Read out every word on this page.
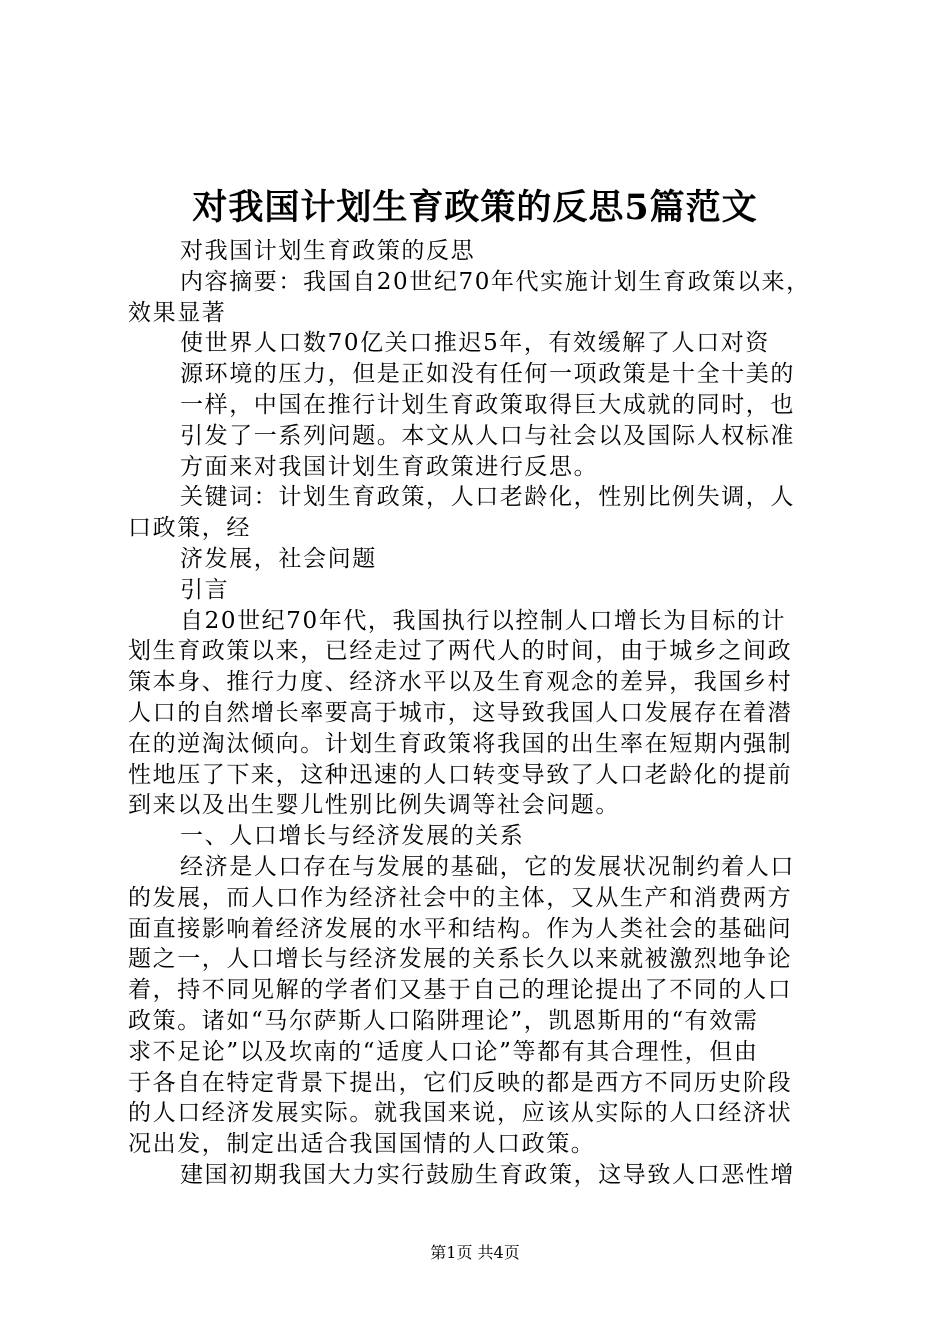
对我国计划生育政策的反思5篇范文
对我国计划生育政策的反思
内容摘要：我国自20世纪70年代实施计划生育政策以来，
效果显著
使世界人口数70亿关口推迟5年，有效缓解了人口对资
源环境的压力，但是正如没有任何一项政策是十全十美的
一样，中国在推行计划生育政策取得巨大成就的同时，也
引发了一系列问题。本文从人口与社会以及国际人权标准
方面来对我国计划生育政策进行反思。
关键词：计划生育政策，人口老龄化，性别比例失调，人
口政策，经
济发展，社会问题
引言
自20世纪70年代，我国执行以控制人口增长为目标的计
划生育政策以来，已经走过了两代人的时间，由于城乡之间政
策本身、推行力度、经济水平以及生育观念的差异，我国乡村
人口的自然增长率要高于城市，这导致我国人口发展存在着潜
在的逆淘汰倾向。计划生育政策将我国的出生率在短期内强制
性地压了下来，这种迅速的人口转变导致了人口老龄化的提前
到来以及出生婴儿性别比例失调等社会问题。
一、人口增长与经济发展的关系
经济是人口存在与发展的基础，它的发展状况制约着人口
的发展，而人口作为经济社会中的主体，又从生产和消费两方
面直接影响着经济发展的水平和结构。作为人类社会的基础问
题之一，人口增长与经济发展的关系长久以来就被激烈地争论
着，持不同见解的学者们又基于自己的理论提出了不同的人口
政策。诸如“马尔萨斯人口陷阱理论”，凯恩斯用的“有效需
求不足论”以及坎南的“适度人口论”等都有其合理性，但由
于各自在特定背景下提出，它们反映的都是西方不同历史阶段
的人口经济发展实际。就我国来说，应该从实际的人口经济状
况出发，制定出适合我国国情的人口政策。
建国初期我国大力实行鼓励生育政策，这导致人口恶性增
第1页 共4页
